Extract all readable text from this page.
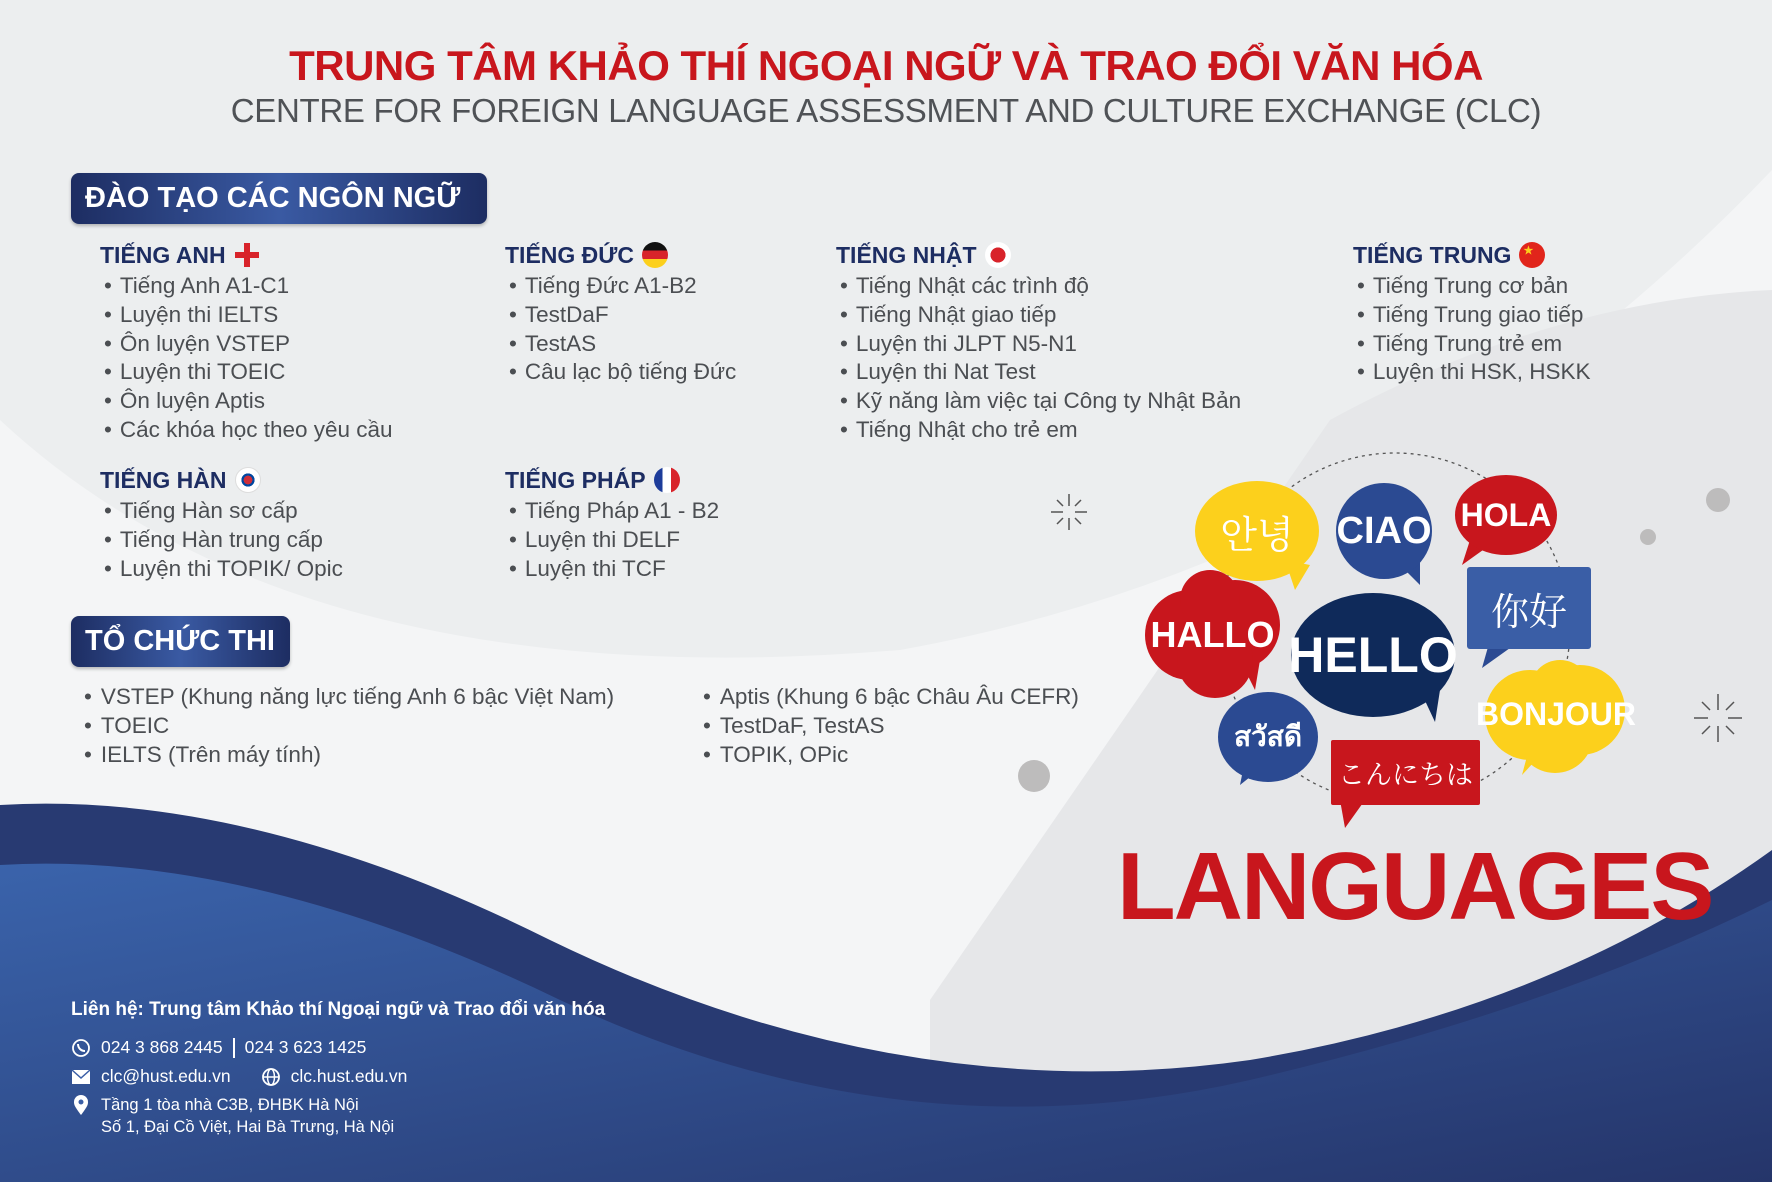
TRUNG TÂM KHẢO THÍ NGOẠI NGỮ VÀ TRAO ĐỔI VĂN HÓA
CENTRE FOR FOREIGN LANGUAGE ASSESSMENT AND CULTURE EXCHANGE (CLC)
ĐÀO TẠO CÁC NGÔN NGỮ
TIẾNG ANH
• Tiếng Anh A1-C1
• Luyện thi IELTS
• Ôn luyện VSTEP
• Luyện thi TOEIC
• Ôn luyện Aptis
• Các khóa học theo yêu cầu
TIẾNG ĐỨC
• Tiếng Đức A1-B2
• TestDaF
• TestAS
• Câu lạc bộ tiếng Đức
TIẾNG NHẬT
• Tiếng Nhật các trình độ
• Tiếng Nhật giao tiếp
• Luyện thi JLPT N5-N1
• Luyện thi Nat Test
• Kỹ năng làm việc tại Công ty Nhật Bản
• Tiếng Nhật cho trẻ em
TIẾNG TRUNG	★
• Tiếng Trung cơ bản
• Tiếng Trung giao tiếp
• Tiếng Trung trẻ em
• Luyện thi HSK, HSKK
TIẾNG HÀN
• Tiếng Hàn sơ cấp
• Tiếng Hàn trung cấp
• Luyện thi TOPIK/ Opic
TIẾNG PHÁP
• Tiếng Pháp A1 - B2
• Luyện thi DELF
• Luyện thi TCF
TỔ CHỨC THI
• VSTEP (Khung năng lực tiếng Anh 6 bậc Việt Nam)
• TOEIC
• IELTS (Trên máy tính)
• Aptis (Khung 6 bậc Châu Âu CEFR)
• TestDaF, TestAS
• TOPIK, OPic
안녕	CIAO HOLA
你好
HALLO HELLO
BONJOUR
สวัสดี
こんにちは
LANGUAGES
Liên hệ: Trung tâm Khảo thí Ngoại ngữ và Trao đổi văn hóa
024 3 868 2445 024 3 623 1425
clc@hust.edu.vn	clc.hust.edu.vn
Tầng 1 tòa nhà C3B, ĐHBK Hà Nội
Số 1, Đại Cồ Việt, Hai Bà Trưng, Hà Nội
